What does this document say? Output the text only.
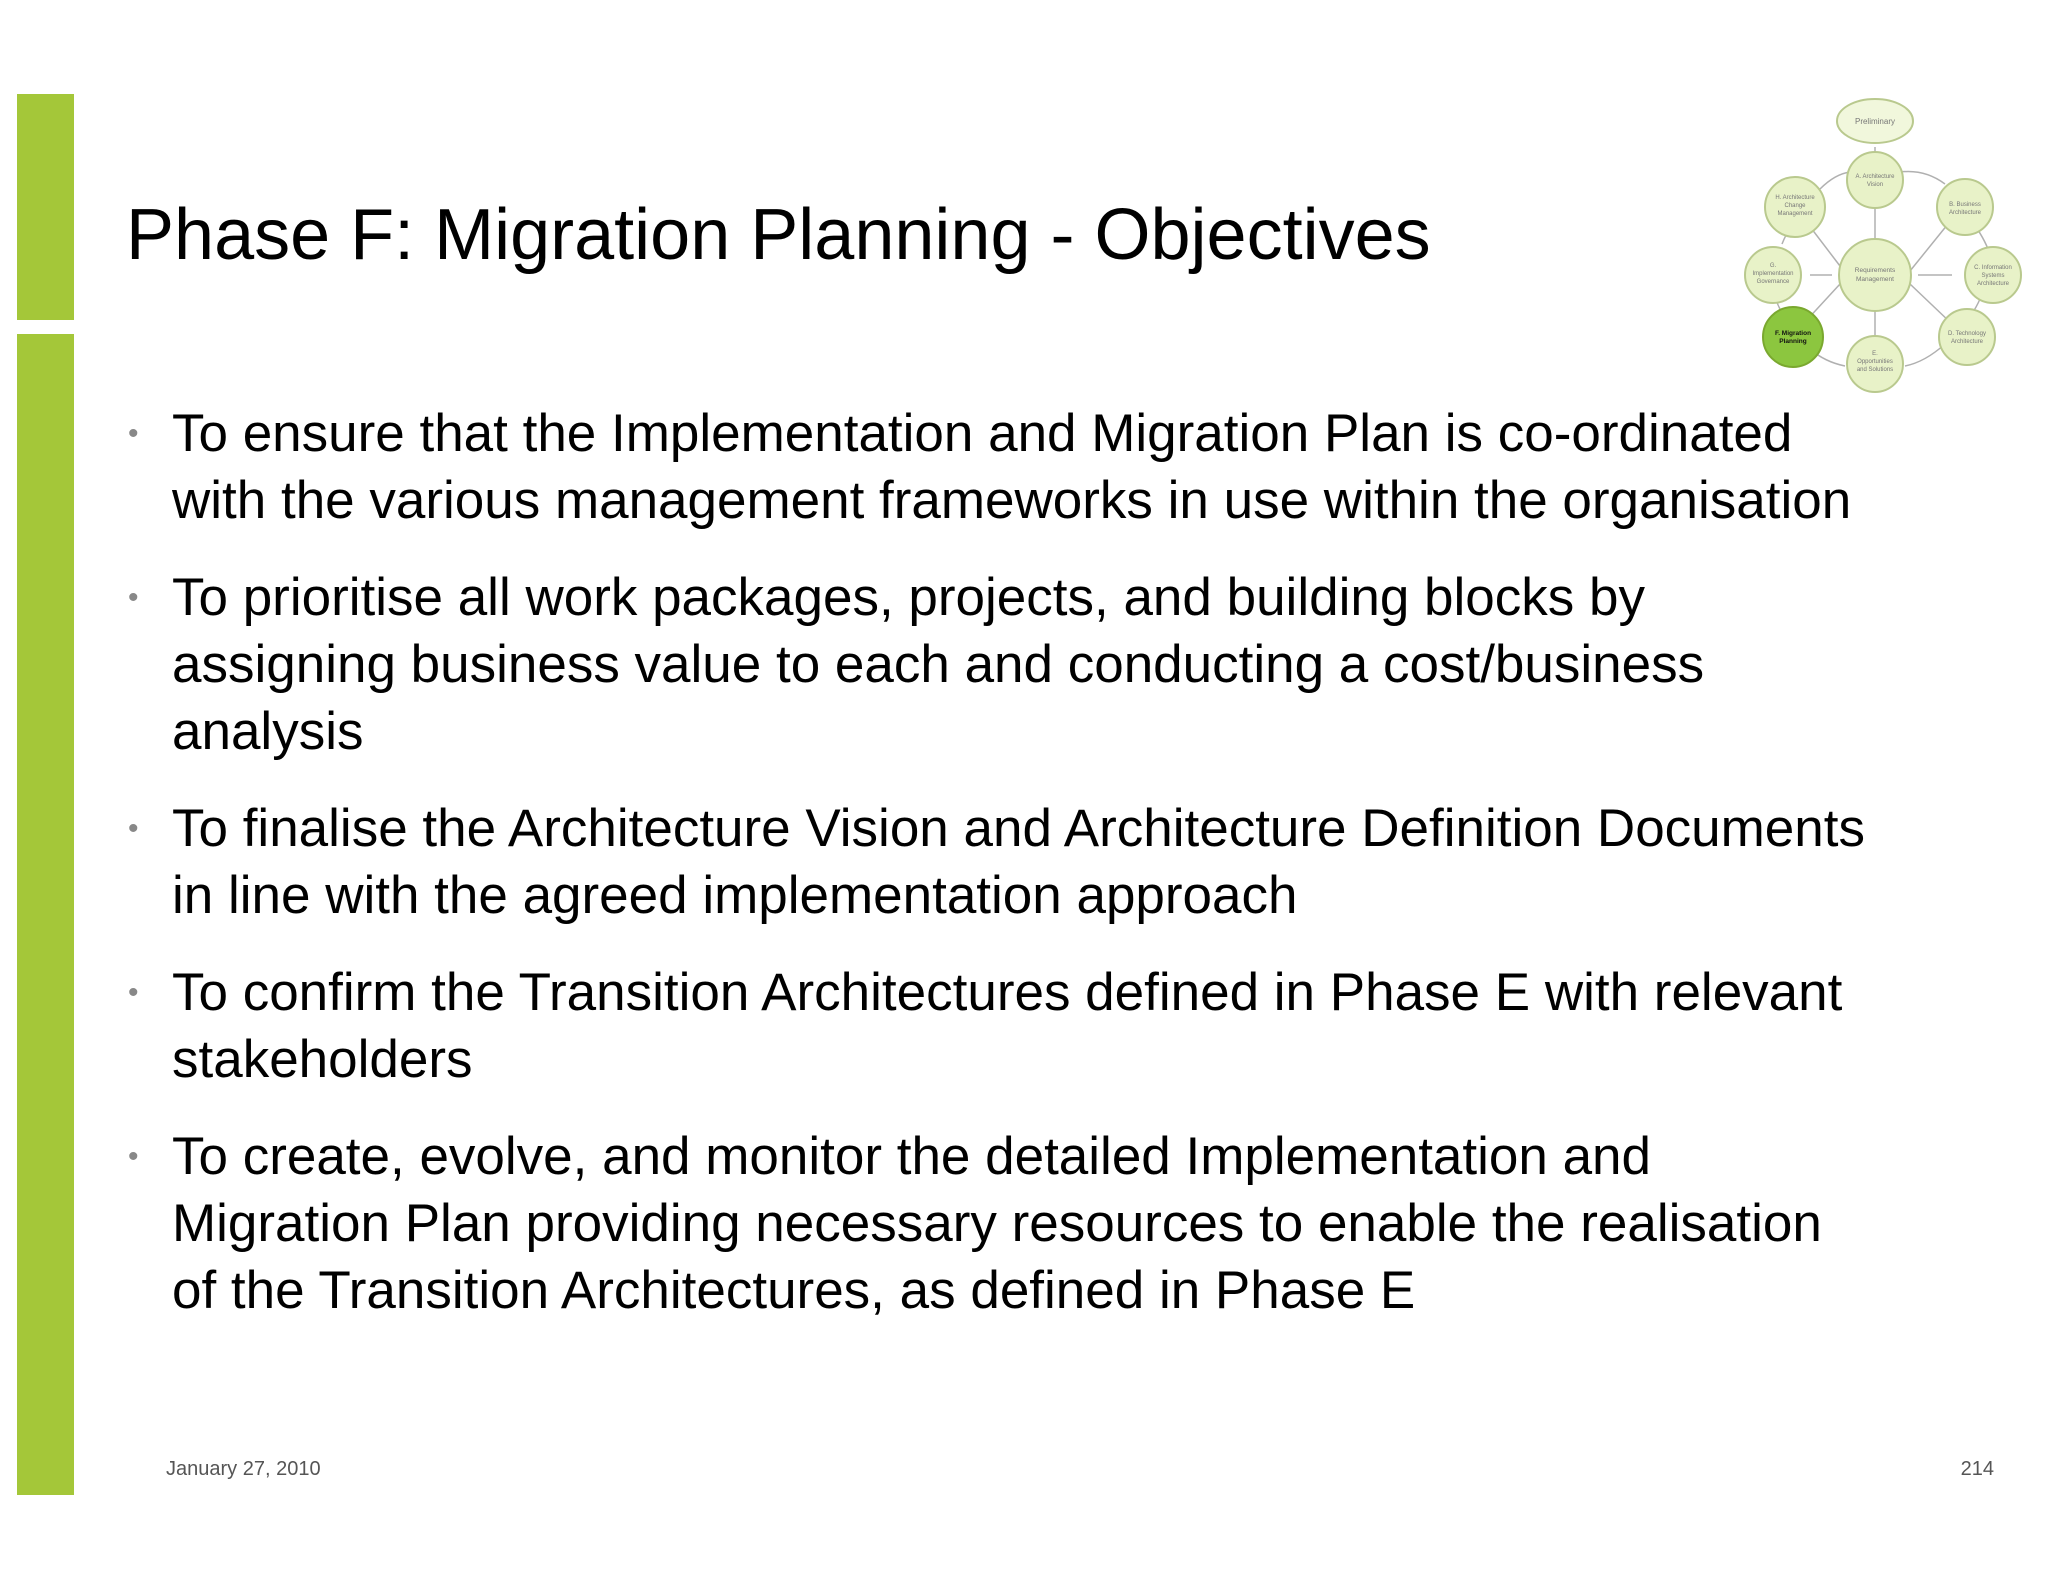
Phase F: Migration Planning - Objectives
Preliminary
A. Architecture
Vision
B. Business
Architecture
C. Information
Systems
Architecture
D. Technology
Architecture
E.
Opportunities
and Solutions
F. Migration
Planning
G.
Implementation
Governance
H. Architecture
Change
Management
Requirements
Management
• To ensure that the Implementation and Migration Plan is co-ordinated with the various management frameworks in use within the organisation
• To prioritise all work packages, projects, and building blocks by assigning business value to each and conducting a cost/business analysis
• To finalise the Architecture Vision and Architecture Definition Documents in line with the agreed implementation approach
• To confirm the Transition Architectures defined in Phase E with relevant stakeholders
• To create, evolve, and monitor the detailed Implementation and Migration Plan providing necessary resources to enable the realisation of the Transition Architectures, as defined in Phase E
January 27, 2010	214
